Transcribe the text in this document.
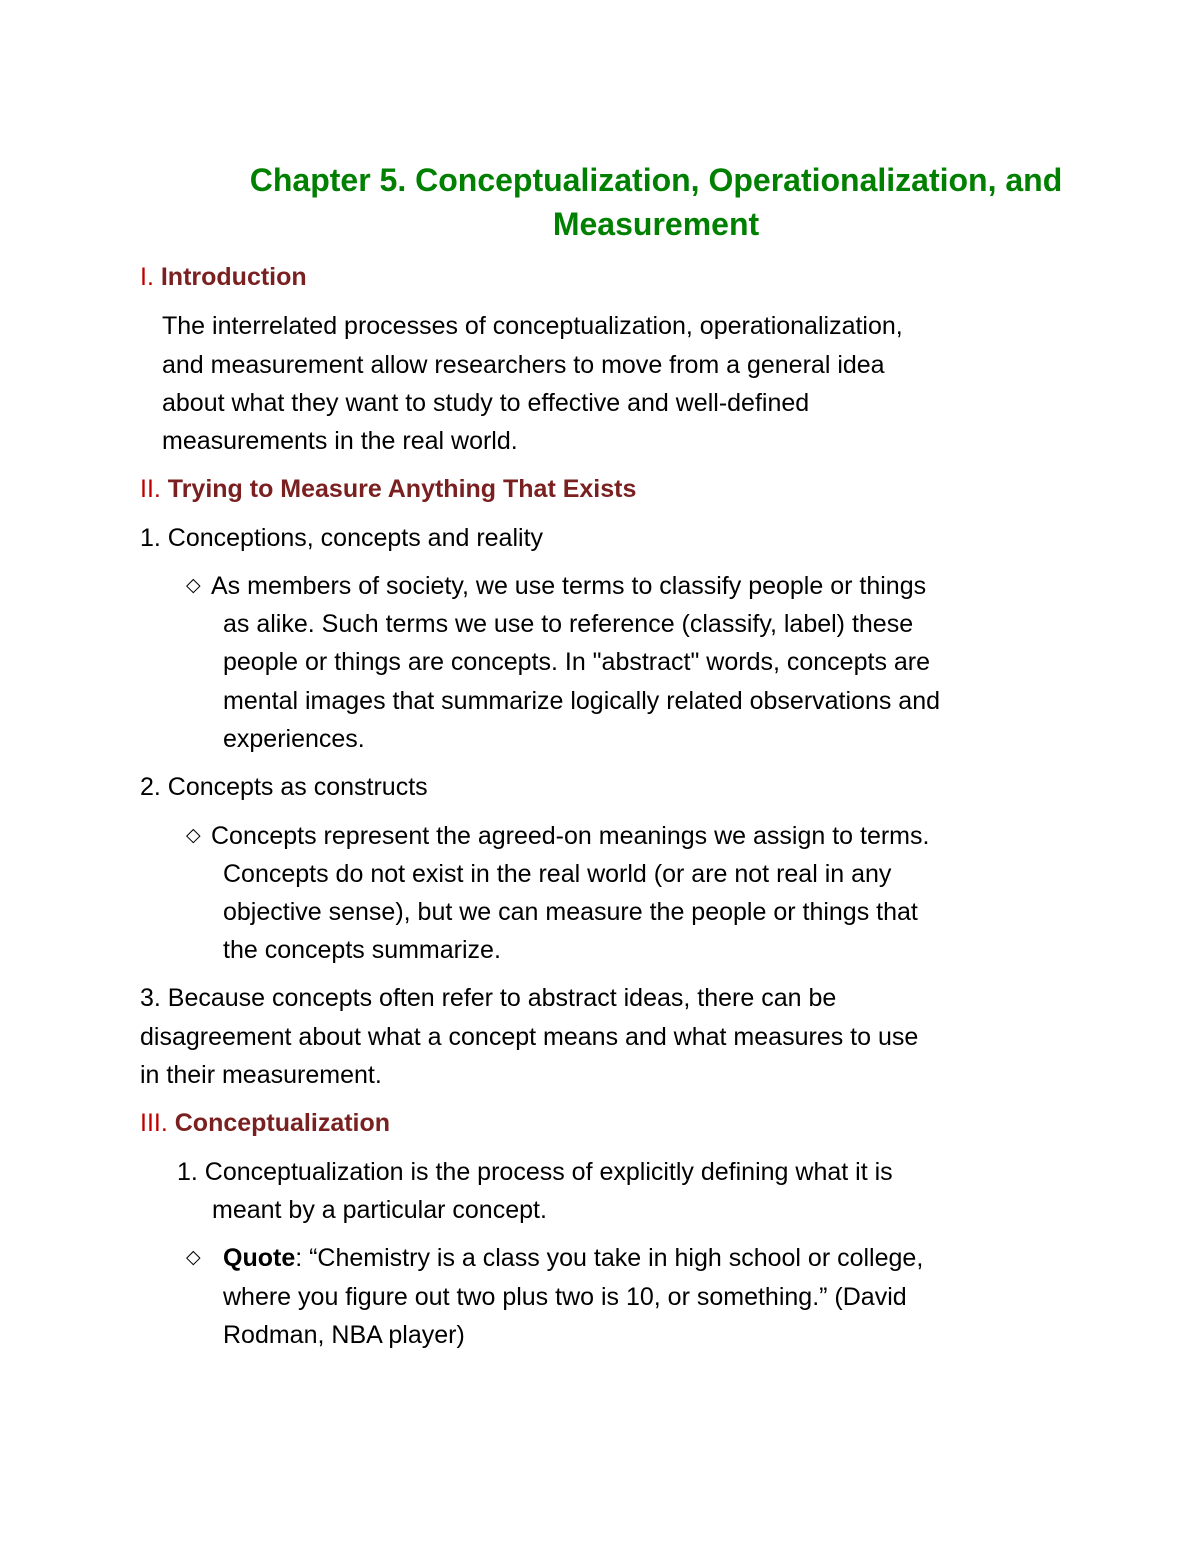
Chapter 5. Conceptualization, Operationalization, and
Measurement
I. Introduction
The interrelated processes of conceptualization, operationalization,
and measurement allow researchers to move from a general idea
about what they want to study to effective and well-defined
measurements in the real world.
II. Trying to Measure Anything That Exists
1. Conceptions, concepts and reality
◇ As members of society, we use terms to classify people or things
as alike. Such terms we use to reference (classify, label) these
people or things are concepts. In "abstract" words, concepts are
mental images that summarize logically related observations and
experiences.
2. Concepts as constructs
◇ Concepts represent the agreed-on meanings we assign to terms.
Concepts do not exist in the real world (or are not real in any
objective sense), but we can measure the people or things that
the concepts summarize.
3. Because concepts often refer to abstract ideas, there can be
disagreement about what a concept means and what measures to use
in their measurement.
III. Conceptualization
1. Conceptualization is the process of explicitly defining what it is
meant by a particular concept.
◇ Quote: “Chemistry is a class you take in high school or college,
where you figure out two plus two is 10, or something.” (David
Rodman, NBA player)
